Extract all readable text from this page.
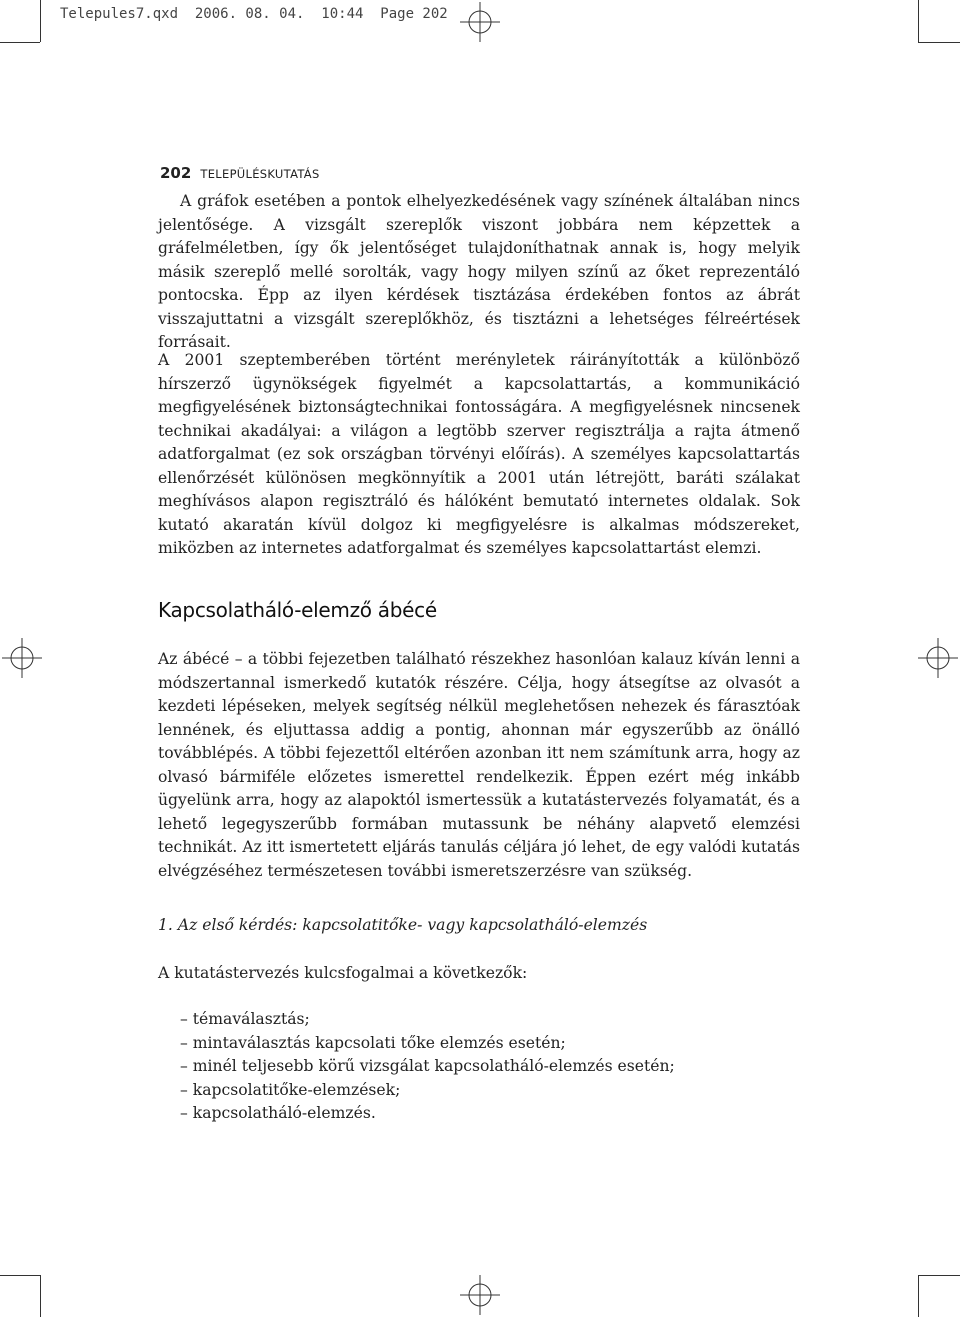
Telepules7.qxd  2006. 08. 04.  10:44  Page 202
202 TELEPÜLÉSKUTATÁS

A gráfok esetében a pontok elhelyezkedésének vagy színének általában nincs jelentősége. A vizsgált szereplők viszont jobbára nem képzettek a gráfelméletben, így ők jelentőséget tulajdoníthatnak annak is, hogy melyik másik szereplő mellé sorolták, vagy hogy milyen színű az őket reprezentáló pontocska. Épp az ilyen kérdések tisztázása érdekében fontos az ábrát visszajuttatni a vizsgált szereplőkhöz, és tisztázni a lehetséges félreértések forrásait.

A 2001 szeptemberében történt merényletek ráirányították a különböző hírszerző ügynökségek figyelmét a kapcsolattartás, a kommunikáció megfigyelésének biztonságtechnikai fontosságára. A megfigyelésnek nincsenek technikai akadályai: a világon a legtöbb szerver regisztrálja a rajta átmenő adatforgalmat (ez sok országban törvényi előírás). A személyes kapcsolattartás ellenőrzését különösen megkönnyítik a 2001 után létrejött, baráti szálakat meghívásos alapon regisztráló és hálóként bemutató internetes oldalak. Sok kutató akaratán kívül dolgoz ki megfigyelésre is alkalmas módszereket, miközben az internetes adatforgalmat és személyes kapcsolattartást elemzi.

Kapcsolatháló-elemző ábécé

Az ábécé – a többi fejezetben található részekhez hasonlóan kalauz kíván lenni a módszertannal ismerkedő kutatók részére. Célja, hogy átsegítse az olvasót a kezdeti lépéseken, melyek segítség nélkül meglehetősen nehezek és fárasztóak lennének, és eljuttassa addig a pontig, ahonnan már egyszerűbb az önálló továbblépés. A többi fejezettől eltérően azonban itt nem számítunk arra, hogy az olvasó bármiféle előzetes ismerettel rendelkezik. Éppen ezért még inkább ügyelünk arra, hogy az alapoktól ismertessük a kutatástervezés folyamatát, és a lehető legegyszerűbb formában mutassunk be néhány alapvető elemzési technikát. Az itt ismertetett eljárás tanulás céljára jó lehet, de egy valódi kutatás elvégzéséhez természetesen további ismeretszerzésre van szükség.

1. Az első kérdés: kapcsolatitőke- vagy kapcsolatháló-elemzés

A kutatástervezés kulcsfogalmai a következők:

– témaválasztás;
– mintaválasztás kapcsolati tőke elemzés esetén;
– minél teljesebb körű vizsgálat kapcsolatháló-elemzés esetén;
– kapcsolatitőke-elemzések;
– kapcsolatháló-elemzés.
